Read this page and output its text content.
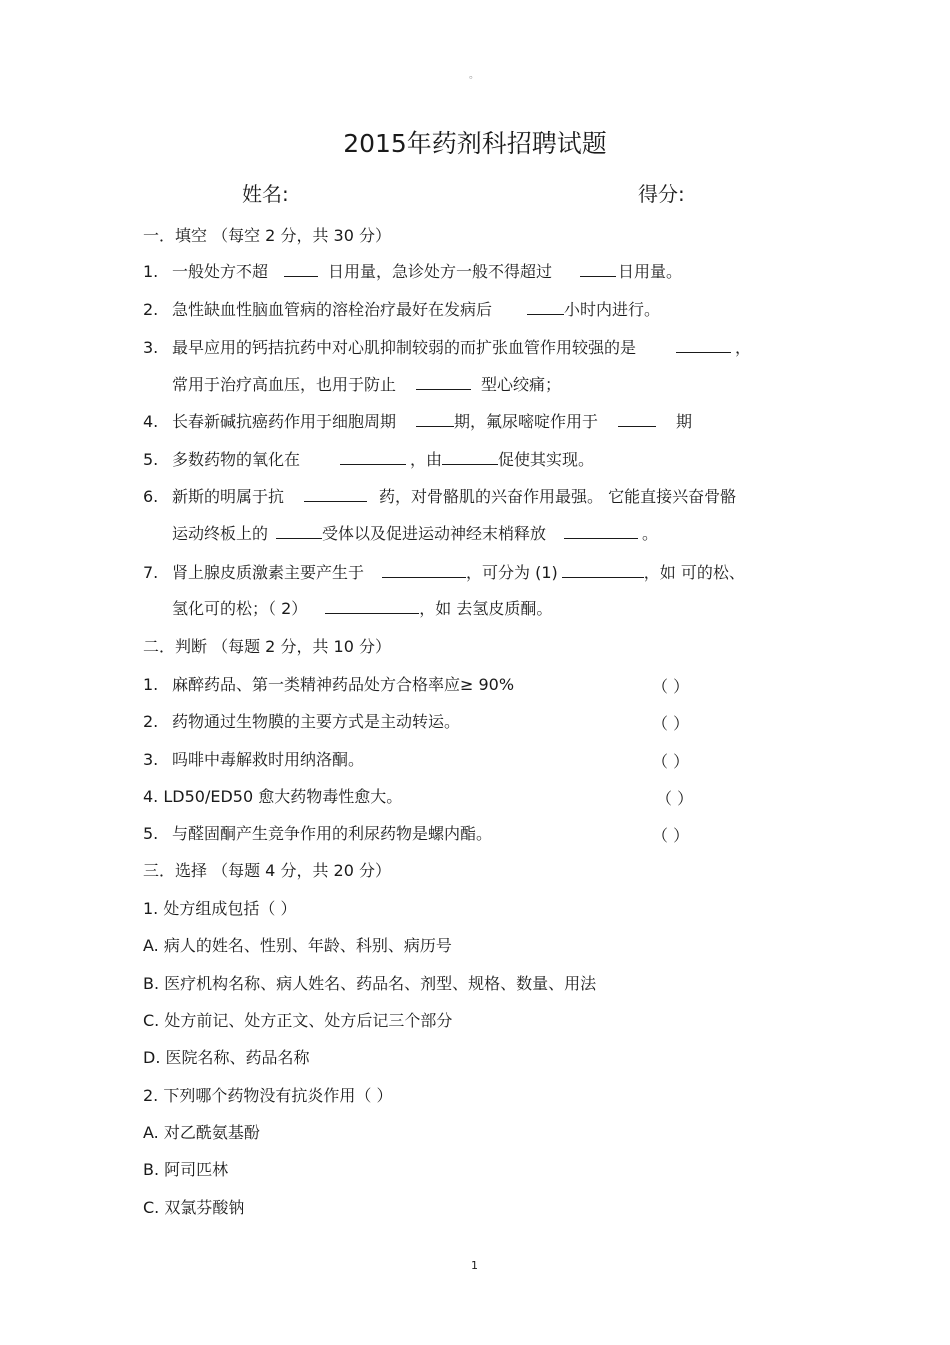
。
2015年药剂科招聘试题
姓名:	得分:
一．填空 （每空 2 分，共 30 分）
1. 一般处方不超	日用量，急诊处方一般不得超过	日用量。
2. 急性缺血性脑血管病的溶栓治疗最好在发病后	小时内进行。
3. 最早应用的钙拮抗药中对心肌抑制较弱的而扩张血管作用较强的是	，
常用于治疗高血压，也用于防止	型心绞痛；
4. 长春新碱抗癌药作用于细胞周期	期，氟尿嘧啶作用于	期
5. 多数药物的氧化在	，由	促使其实现。
6. 新斯的明属于抗	药，对骨骼肌的兴奋作用最强。 它能直接兴奋骨骼
运动终板上的	受体以及促进运动神经末梢释放	。
7. 肾上腺皮质激素主要产生于	，可分为 (1)	，如 可的松、
氢化可的松；（ 2）	，如 去氢皮质酮。
二．判断 （每题 2 分，共 10 分）
1. 麻醉药品、第一类精神药品处方合格率应≥ 90%	（ ）
2. 药物通过生物膜的主要方式是主动转运。	（ ）
3. 吗啡中毒解救时用纳洛酮。	（ ）
4. LD50/ED50 愈大药物毒性愈大。	（ ）
5. 与醛固酮产生竞争作用的利尿药物是螺内酯。	（ ）
三．选择 （每题 4 分，共 20 分）
1. 处方组成包括（ ）
A. 病人的姓名、性别、年龄、科别、病历号
B. 医疗机构名称、病人姓名、药品名、剂型、规格、数量、用法
C. 处方前记、处方正文、处方后记三个部分
D. 医院名称、药品名称
2. 下列哪个药物没有抗炎作用（ ）
A. 对乙酰氨基酚
B. 阿司匹林
C. 双氯芬酸钠
1
